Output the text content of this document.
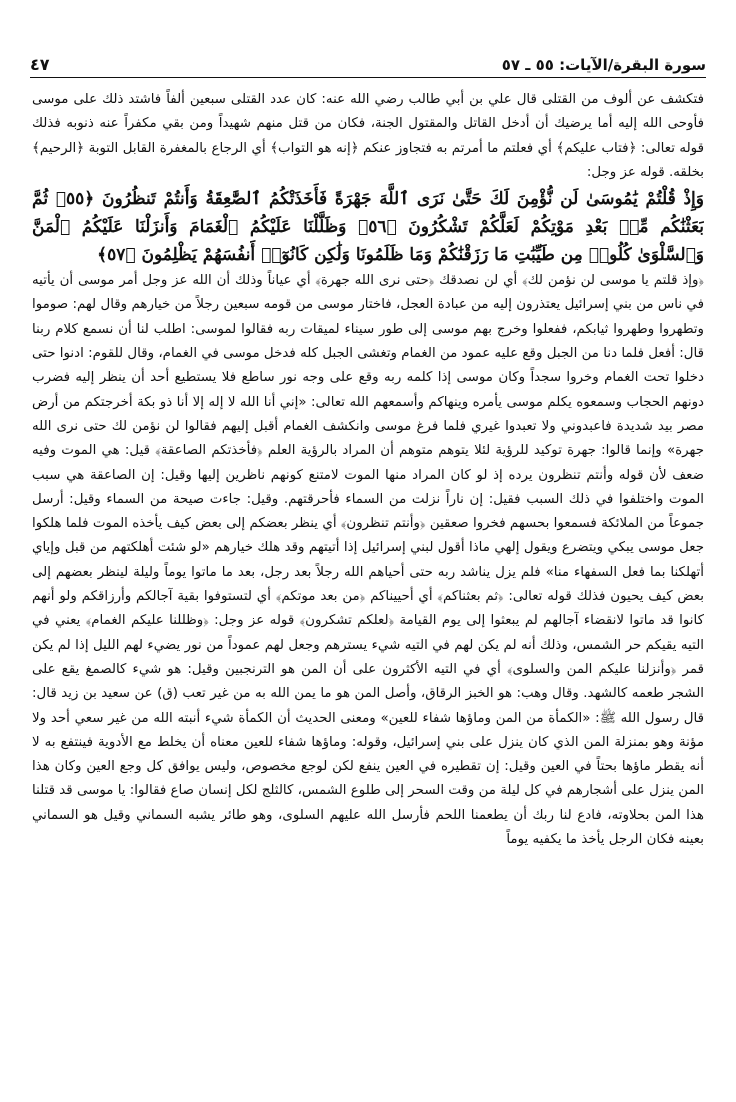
سورة البقرة/الآيات: ٥٥ ـ ٥٧
٤٧

فتكشف عن ألوف من القتلى قال علي بن أبي طالب رضي الله عنه: كان عدد القتلى سبعين ألفاً فاشتد ذلك على موسى فأوحى الله إليه أما يرضيك أن أدخل القاتل والمقتول الجنة، فكان من قتل منهم شهيداً ومن بقي مكفراً عنه ذنوبه فذلك قوله تعالى: ﴿فتاب عليكم﴾ أي فعلتم ما أمرتم به فتجاوز عنكم ﴿إنه هو التواب﴾ أي الرجاع بالمغفرة القابل التوبة ﴿الرحيم﴾ بخلقه. قوله عز وجل:

وَإِذْ قُلْتُمْ يَٰمُوسَىٰ لَن نُّؤْمِنَ لَكَ حَتَّىٰ نَرَى ٱللَّهَ جَهْرَةً فَأَخَذَتْكُمُ ٱلصَّٰعِقَةُ وَأَنتُمْ تَنظُرُونَ ﴿٥٥﴾ ثُمَّ بَعَثْنَٰكُم مِّنۢ بَعْدِ مَوْتِكُمْ لَعَلَّكُمْ تَشْكُرُونَ ﴿٥٦﴾ وَظَلَّلْنَا عَلَيْكُمُ ٱلْغَمَامَ وَأَنزَلْنَا عَلَيْكُمُ ٱلْمَنَّ وَٱلسَّلْوَىٰ كُلُوا۟ مِن طَيِّبَٰتِ مَا رَزَقْنَٰكُمْ وَمَا ظَلَمُونَا وَلَٰكِن كَانُوٓا۟ أَنفُسَهُمْ يَظْلِمُونَ ﴿٥٧﴾

﴿وإذ قلتم يا موسى لن نؤمن لك﴾ أي لن نصدقك ﴿حتى نرى الله جهرة﴾ أي عياناً وذلك أن الله عز وجل أمر موسى أن يأتيه في ناس من بني إسرائيل يعتذرون إليه من عبادة العجل، فاختار موسى من قومه سبعين رجلاً من خيارهم وقال لهم: صوموا وتطهروا وطهروا ثيابكم، ففعلوا وخرج بهم موسى إلى طور سيناء لميقات ربه فقالوا لموسى: اطلب لنا أن نسمع كلام ربنا قال: أفعل فلما دنا من الجبل وقع عليه عمود من الغمام وتغشى الجبل كله فدخل موسى في الغمام، وقال للقوم: ادنوا حتى دخلوا تحت الغمام وخروا سجداً وكان موسى إذا كلمه ربه وقع على وجه نور ساطع فلا يستطيع أحد أن ينظر إليه فضرب دونهم الحجاب وسمعوه يكلم موسى يأمره وينهاكم وأسمعهم الله تعالى: «إني أنا الله لا إله إلا أنا ذو بكة أخرجتكم من أرض مصر بيد شديدة فاعبدوني ولا تعبدوا غيري فلما فرغ موسى وانكشف الغمام أقبل إليهم فقالوا لن نؤمن لك حتى نرى الله جهرة» وإنما قالوا: جهرة توكيد للرؤية لئلا يتوهم متوهم أن المراد بالرؤية العلم ﴿فأخذتكم الصاعقة﴾ قيل: هي الموت وفيه ضعف لأن قوله وأنتم تنظرون يرده إذ لو كان المراد منها الموت لامتنع كونهم ناظرين إليها وقيل: إن الصاعقة هي سبب الموت واختلفوا في ذلك السبب فقيل: إن ناراً نزلت من السماء فأحرقتهم. وقيل: جاءت صيحة من السماء وقيل: أرسل جموعاً من الملائكة فسمعوا بحسهم فخروا صعقين ﴿وأنتم تنظرون﴾ أي ينظر بعضكم إلى بعض كيف يأخذه الموت فلما هلكوا جعل موسى يبكي ويتضرع ويقول إلهي ماذا أقول لبني إسرائيل إذا أتيتهم وقد هلك خيارهم «لو شئت أهلكتهم من قبل وإياي أتهلكنا بما فعل السفهاء منا» فلم يزل يناشد ربه حتى أحياهم الله رجلاً بعد رجل، بعد ما ماتوا يوماً وليلة لينظر بعضهم إلى بعض كيف يحيون فذلك قوله تعالى: ﴿ثم بعثناكم﴾ أي أحييناكم ﴿من بعد موتكم﴾ أي لتستوفوا بقية آجالكم وأرزاقكم ولو أنهم كانوا قد ماتوا لانقضاء آجالهم لم يبعثوا إلى يوم القيامة ﴿لعلكم تشكرون﴾ قوله عز وجل: ﴿وظللنا عليكم الغمام﴾ يعني في التيه يقيكم حر الشمس، وذلك أنه لم يكن لهم في التيه شيء يسترهم وجعل لهم عموداً من نور يضيء لهم الليل إذا لم يكن قمر ﴿وأنزلنا عليكم المن والسلوى﴾ أي في التيه الأكثرون على أن المن هو الترنجبين وقيل: هو شيء كالصمغ يقع على الشجر طعمه كالشهد. وقال وهب: هو الخبز الرقاق، وأصل المن هو ما يمن الله به من غير تعب (ق) عن سعيد بن زيد قال: قال رسول الله ﷺ: «الكمأة من المن وماؤها شفاء للعين» ومعنى الحديث أن الكمأة شيء أنبته الله من غير سعي أحد ولا مؤنة وهو بمنزلة المن الذي كان ينزل على بني إسرائيل، وقوله: وماؤها شفاء للعين معناه أن يخلط مع الأدوية فينتفع به لا أنه يقطر ماؤها بحتاً في العين وقيل: إن تقطيره في العين ينفع لكن لوجع مخصوص، وليس يوافق كل وجع العين وكان هذا المن ينزل على أشجارهم في كل ليلة من وقت السحر إلى طلوع الشمس، كالثلج لكل إنسان صاع فقالوا: يا موسى قد قتلنا هذا المن بحلاوته، فادع لنا ربك أن يطعمنا اللحم فأرسل الله عليهم السلوى، وهو طائر يشبه السماني وقيل هو السماني بعينه فكان الرجل يأخذ ما يكفيه يوماً
